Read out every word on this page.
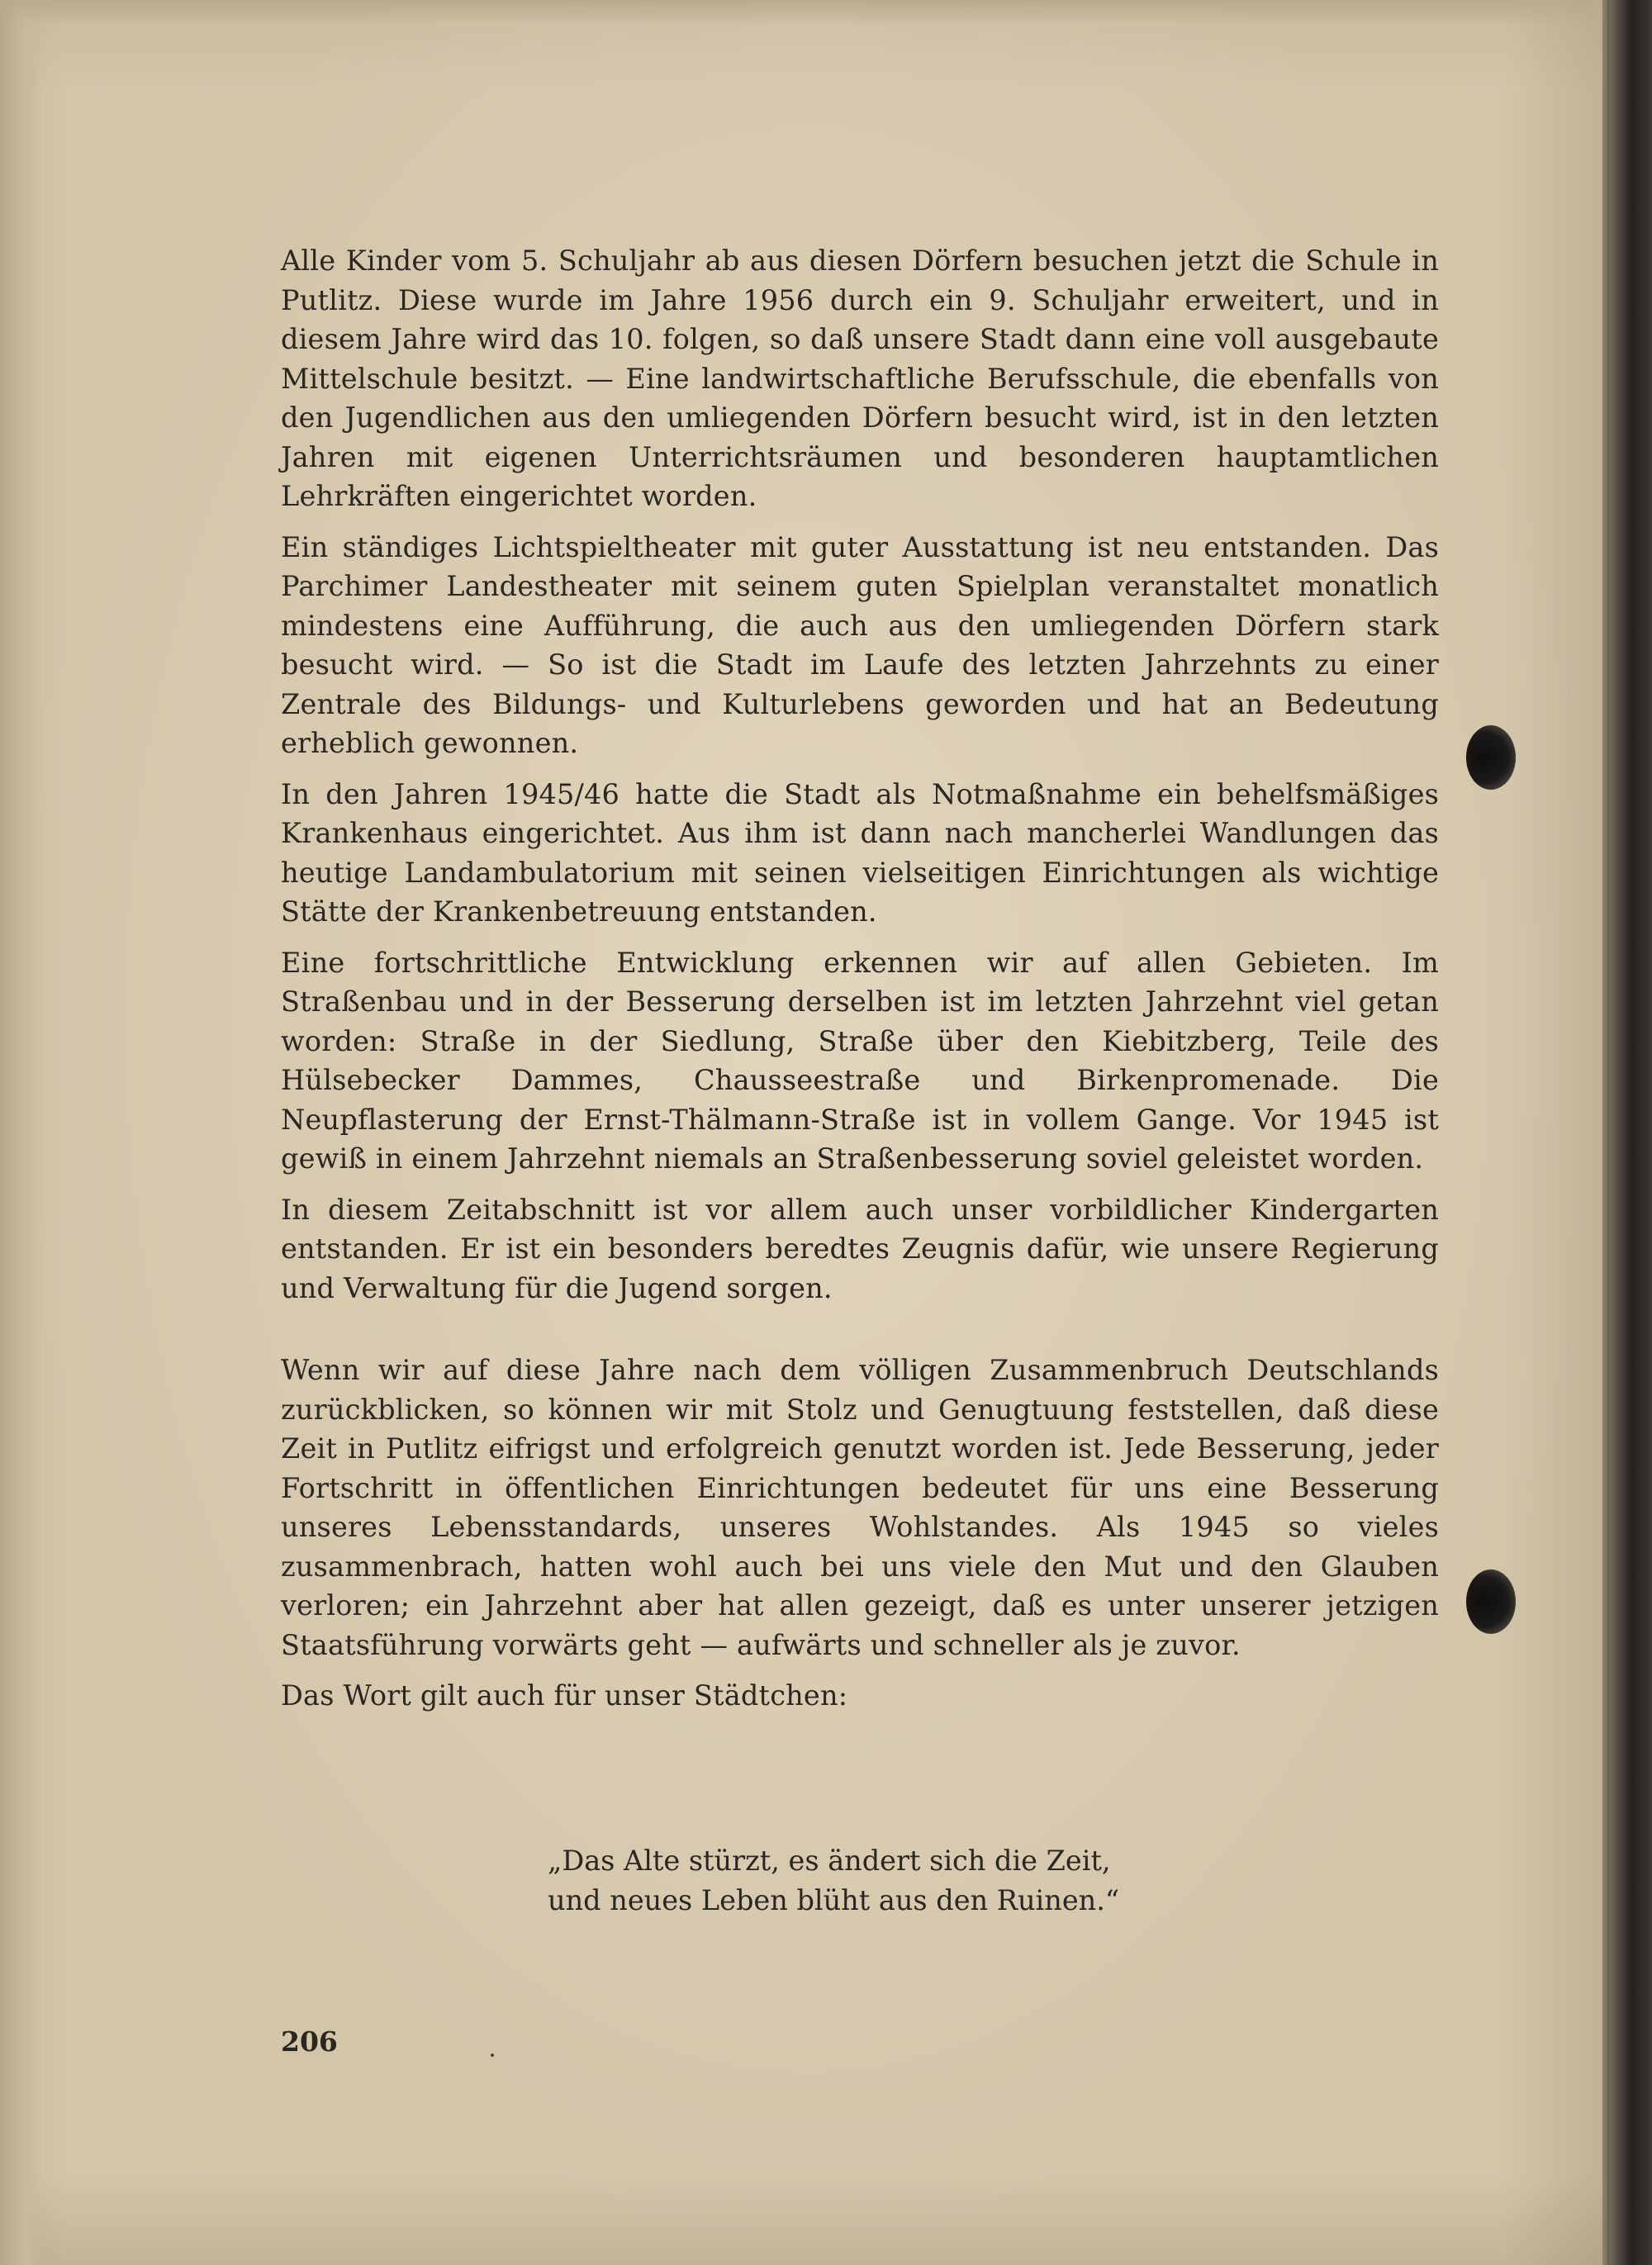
Alle Kinder vom 5. Schuljahr ab aus diesen Dörfern besuchen jetzt die Schule in Putlitz. Diese wurde im Jahre 1956 durch ein 9. Schuljahr erweitert, und in diesem Jahre wird das 10. folgen, so daß unsere Stadt dann eine voll ausgebaute Mittelschule besitzt. — Eine landwirtschaftliche Berufsschule, die ebenfalls von den Jugendlichen aus den umliegenden Dörfern besucht wird, ist in den letzten Jahren mit eigenen Unterrichtsräumen und besonderen hauptamtlichen Lehrkräften eingerichtet worden.

Ein ständiges Lichtspieltheater mit guter Ausstattung ist neu entstanden. Das Parchimer Landestheater mit seinem guten Spielplan veranstaltet monatlich mindestens eine Aufführung, die auch aus den umliegenden Dörfern stark besucht wird. — So ist die Stadt im Laufe des letzten Jahrzehnts zu einer Zentrale des Bildungs- und Kulturlebens geworden und hat an Bedeutung erheblich gewonnen.

In den Jahren 1945/46 hatte die Stadt als Notmaßnahme ein behelfsmäßiges Krankenhaus eingerichtet. Aus ihm ist dann nach mancherlei Wandlungen das heutige Landambulatorium mit seinen vielseitigen Einrichtungen als wichtige Stätte der Krankenbetreuung entstanden.

Eine fortschrittliche Entwicklung erkennen wir auf allen Gebieten. Im Straßenbau und in der Besserung derselben ist im letzten Jahrzehnt viel getan worden: Straße in der Siedlung, Straße über den Kiebitzberg, Teile des Hülsebecker Dammes, Chausseestraße und Birkenpromenade. Die Neupflasterung der Ernst-Thälmann-Straße ist in vollem Gange. Vor 1945 ist gewiß in einem Jahrzehnt niemals an Straßenbesserung soviel geleistet worden.

In diesem Zeitabschnitt ist vor allem auch unser vorbildlicher Kindergarten entstanden. Er ist ein besonders beredtes Zeugnis dafür, wie unsere Regierung und Verwaltung für die Jugend sorgen.

Wenn wir auf diese Jahre nach dem völligen Zusammenbruch Deutschlands zurückblicken, so können wir mit Stolz und Genugtuung feststellen, daß diese Zeit in Putlitz eifrigst und erfolgreich genutzt worden ist. Jede Besserung, jeder Fortschritt in öffentlichen Einrichtungen bedeutet für uns eine Besserung unseres Lebensstandards, unseres Wohlstandes. Als 1945 so vieles zusammenbrach, hatten wohl auch bei uns viele den Mut und den Glauben verloren; ein Jahrzehnt aber hat allen gezeigt, daß es unter unserer jetzigen Staatsführung vorwärts geht — aufwärts und schneller als je zuvor.

Das Wort gilt auch für unser Städtchen:

„Das Alte stürzt, es ändert sich die Zeit,
und neues Leben blüht aus den Ruinen.“
206
